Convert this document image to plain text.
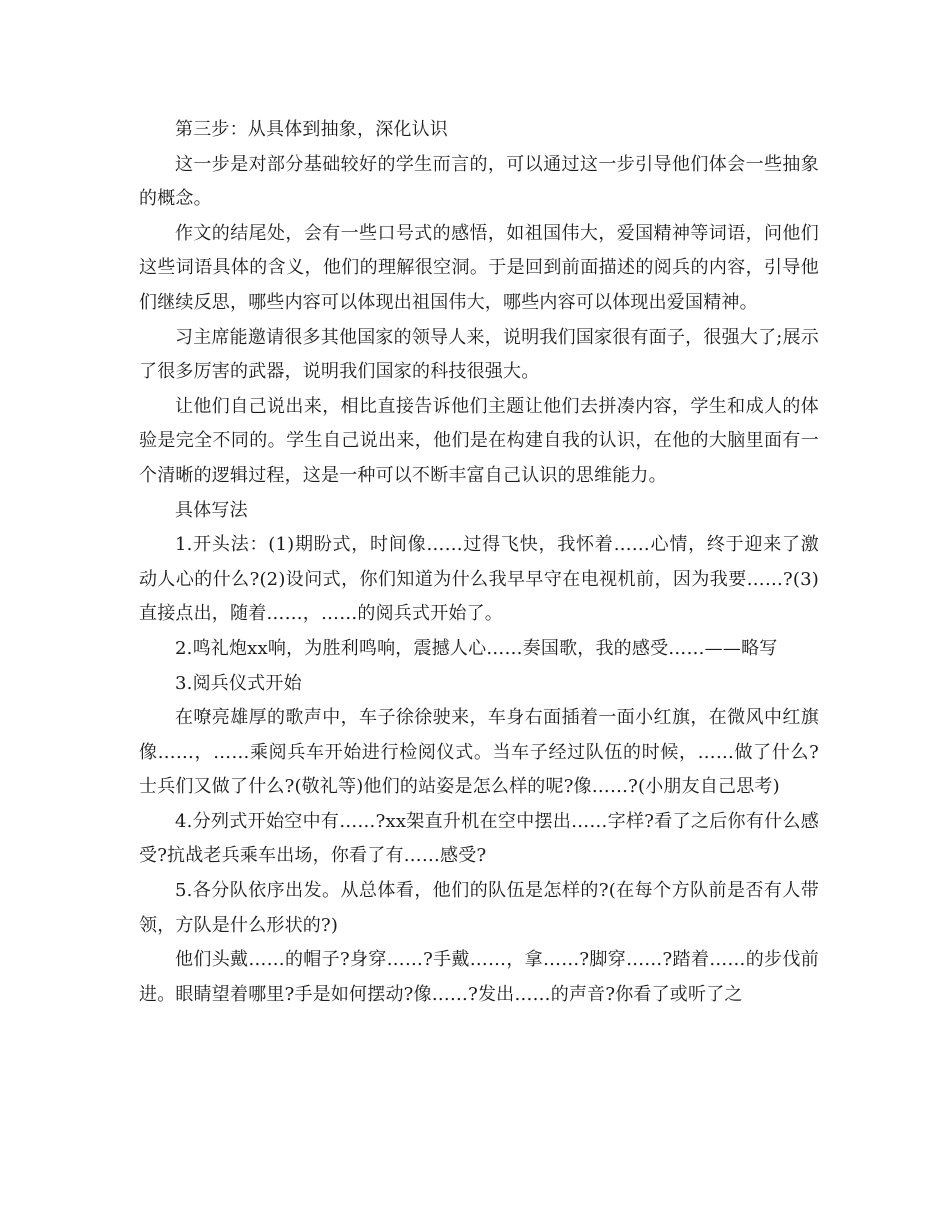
第三步：从具体到抽象，深化认识

这一步是对部分基础较好的学生而言的，可以通过这一步引导他们体会一些抽象的概念。

作文的结尾处，会有一些口号式的感悟，如祖国伟大，爱国精神等词语，问他们这些词语具体的含义，他们的理解很空洞。于是回到前面描述的阅兵的内容，引导他们继续反思，哪些内容可以体现出祖国伟大，哪些内容可以体现出爱国精神。

习主席能邀请很多其他国家的领导人来，说明我们国家很有面子，很强大了;展示了很多厉害的武器，说明我们国家的科技很强大。

让他们自己说出来，相比直接告诉他们主题让他们去拼凑内容，学生和成人的体验是完全不同的。学生自己说出来，他们是在构建自我的认识，在他的大脑里面有一个清晰的逻辑过程，这是一种可以不断丰富自己认识的思维能力。

具体写法

1.开头法：(1)期盼式，时间像……过得飞快，我怀着……心情，终于迎来了激动人心的什么?(2)设问式，你们知道为什么我早早守在电视机前，因为我要……?(3)直接点出，随着……，……的阅兵式开始了。

2.鸣礼炮xx响，为胜利鸣响，震撼人心……奏国歌，我的感受……——略写

3.阅兵仪式开始

在嘹亮雄厚的歌声中，车子徐徐驶来，车身右面插着一面小红旗，在微风中红旗像……，……乘阅兵车开始进行检阅仪式。当车子经过队伍的时候，……做了什么?士兵们又做了什么?(敬礼等)他们的站姿是怎么样的呢?像……?(小朋友自己思考)

4.分列式开始空中有……?xx架直升机在空中摆出……字样?看了之后你有什么感受?抗战老兵乘车出场，你看了有……感受?

5.各分队依序出发。从总体看，他们的队伍是怎样的?(在每个方队前是否有人带领，方队是什么形状的?)

他们头戴……的帽子?身穿……?手戴……，拿……?脚穿……?踏着……的步伐前进。眼睛望着哪里?手是如何摆动?像……?发出……的声音?你看了或听了之
